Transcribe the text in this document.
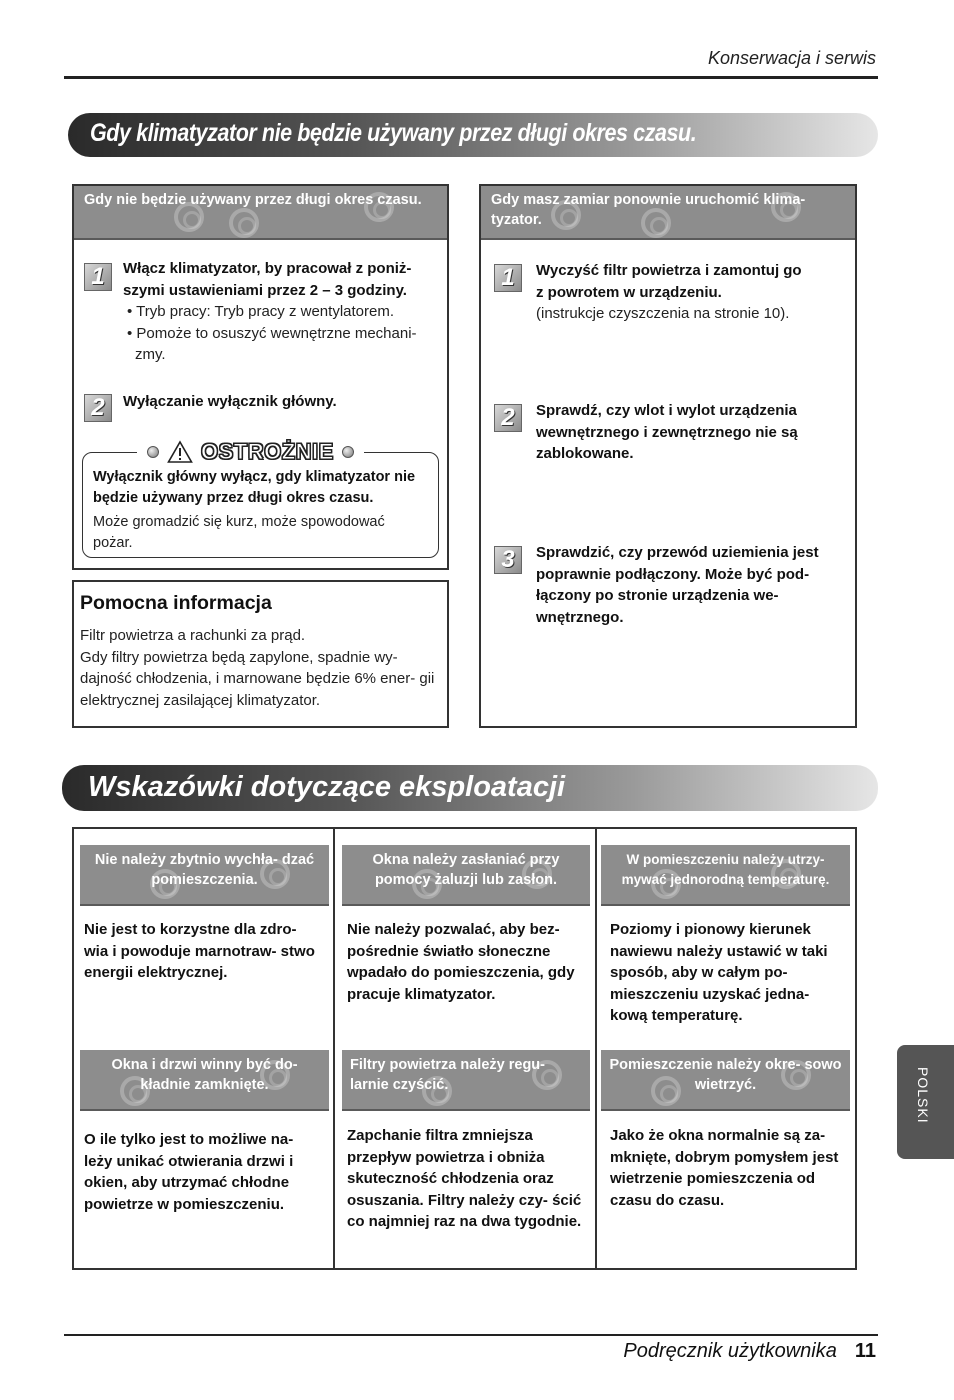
Konserwacja i serwis
Gdy klimatyzator nie będzie używany przez długi okres czasu.
Gdy nie będzie używany przez długi okres czasu.
1	Włącz klimatyzator, by pracował z poniż-
szymi ustawieniami przez 2 – 3 godziny.
• Tryb pracy: Tryb pracy z wentylatorem.
• Pomoże to osuszyć wewnętrzne mechani- zmy.
2	Wyłączanie wyłącznik główny.
OSTROŻNIE
Wyłącznik główny wyłącz, gdy klimatyzator nie będzie używany przez długi okres czasu.
Może gromadzić się kurz, może spowodować pożar.
Pomocna informacja
Filtr powietrza a rachunki za prąd.
Gdy filtry powietrza będą zapylone, spadnie wy- dajność chłodzenia, i marnowane będzie 6% ener- gii elektrycznej zasilającej klimatyzator.
Gdy masz zamiar ponownie uruchomić klima- tyzator.
1	Wyczyść filtr powietrza i zamontuj go
z powrotem w urządzeniu.
(instrukcje czyszczenia na stronie 10).
2	Sprawdź, czy wlot i wylot urządzenia wewnętrznego i zewnętrznego nie są zablokowane.
3	Sprawdzić, czy przewód uziemienia jest poprawnie podłączony. Może być pod- łączony po stronie urządzenia we- wnętrznego.
Wskazówki dotyczące eksploatacji
Nie należy zbytnio wychła- dzać pomieszczenia.
Nie jest to korzystne dla zdro- wia i powoduje marnotraw- stwo energii elektrycznej.
Okna należy zasłaniać przy pomocy żaluzji lub zasłon.
Nie należy pozwalać, aby bez- pośrednie światło słoneczne wpadało do pomieszczenia, gdy pracuje klimatyzator.
W pomieszczeniu należy utrzy- mywać jednorodną temperaturę.
Poziomy i pionowy kierunek nawiewu należy ustawić w taki sposób, aby w całym po- mieszczeniu uzyskać jedna- kową temperaturę.
Okna i drzwi winny być do- kładnie zamknięte.
O ile tylko jest to możliwe na- leży unikać otwierania drzwi i okien, aby utrzymać chłodne powietrze w pomieszczeniu.
Filtry powietrza należy regu- larnie czyścić.
Zapchanie filtra zmniejsza przepływ powietrza i obniża skuteczność chłodzenia oraz osuszania. Filtry należy czy- ścić co najmniej raz na dwa tygodnie.
Pomieszczenie należy okre- sowo wietrzyć.
Jako że okna normalnie są za- mknięte, dobrym pomysłem jest wietrzenie pomieszczenia od czasu do czasu.
POLSKI
Podręcznik użytkownika 11
